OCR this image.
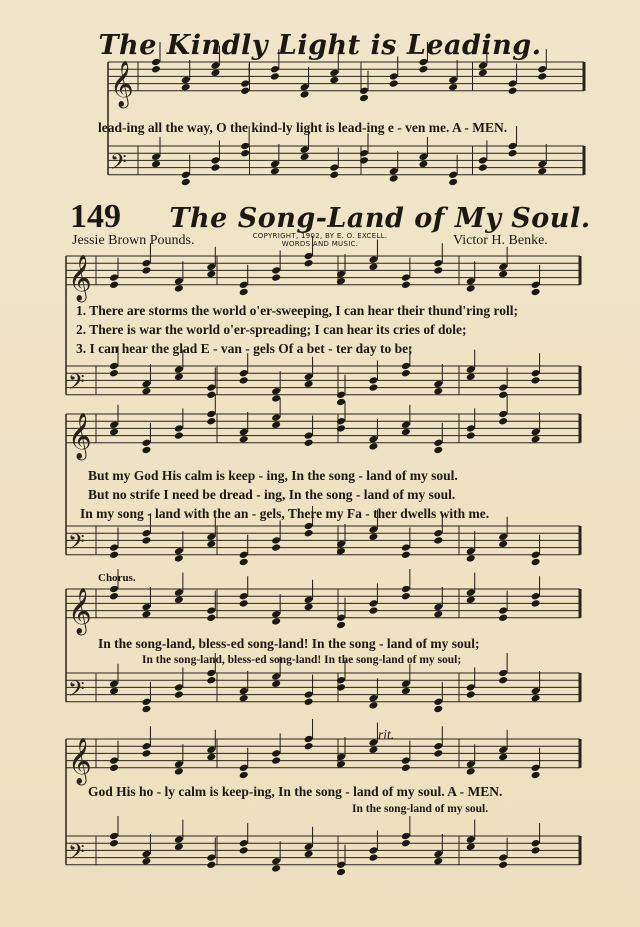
𝄞
𝄢
𝄞
𝄢
𝄞
𝄢
𝄞
𝄢
𝄞
𝄢
The Kindly Light is Leading.
lead-ing all the way, O the kind-ly light is lead-ing e - ven me. A - MEN.
149	The Song-Land of My Soul.
Jessie Brown Pounds.	COPYRIGHT, 1902, BY E. O. EXCELL.
WORDS AND MUSIC.	Victor H. Benke.
1. There are storms the world o'er-sweeping, I can hear their thund'ring roll;
2. There is war the world o'er-spreading; I can hear its cries of dole;
3. I can hear the glad E - van - gels Of a bet - ter day to be;
But my God His calm is keep - ing, In the song - land of my soul.
But no strife I need be dread - ing, In the song - land of my soul.
In my song - land with the an - gels, There my Fa - ther dwells with me.
Chorus.
In the song-land, bless-ed song-land! In the song - land of my soul;
In the song-land, bless-ed song-land! In the song-land of my soul;
rit.
God His ho - ly calm is keep-ing, In the song - land of my soul. A - MEN.
In the song-land of my soul.
